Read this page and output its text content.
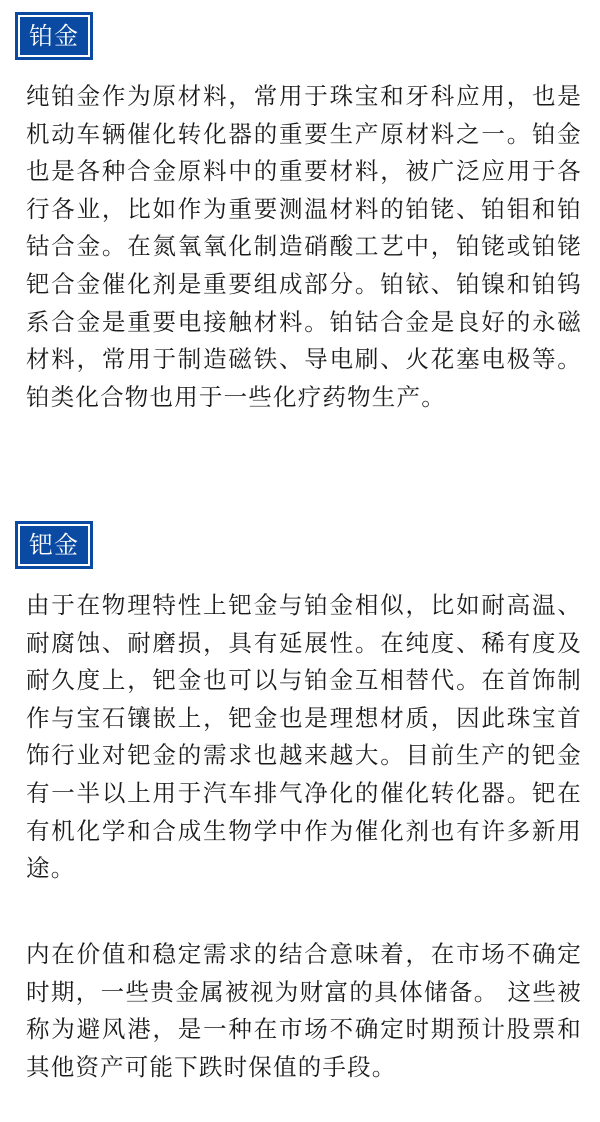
铂金

纯铂金作为原材料，常用于珠宝和牙科应用，也是机动车辆催化转化器的重要生产原材料之一。铂金也是各种合金原料中的重要材料，被广泛应用于各行各业，比如作为重要测温材料的铂铑、铂钼和铂钴合金。在氮氧氧化制造硝酸工艺中，铂铑或铂铑钯合金催化剂是重要组成部分。铂铱、铂镍和铂钨系合金是重要电接触材料。铂钴合金是良好的永磁材料，常用于制造磁铁、导电刷、火花塞电极等。 铂类化合物也用于一些化疗药物生产。

钯金

由于在物理特性上钯金与铂金相似，比如耐高温、耐腐蚀、耐磨损，具有延展性。在纯度、稀有度及耐久度上，钯金也可以与铂金互相替代。在首饰制作与宝石镶嵌上，钯金也是理想材质，因此珠宝首饰行业对钯金的需求也越来越大。目前生产的钯金有一半以上用于汽车排气净化的催化转化器。钯在有机化学和合成生物学中作为催化剂也有许多新用途。

内在价值和稳定需求的结合意味着，在市场不确定时期，一些贵金属被视为财富的具体储备。 这些被称为避风港，是一种在市场不确定时期预计股票和其他资产可能下跌时保值的手段。
